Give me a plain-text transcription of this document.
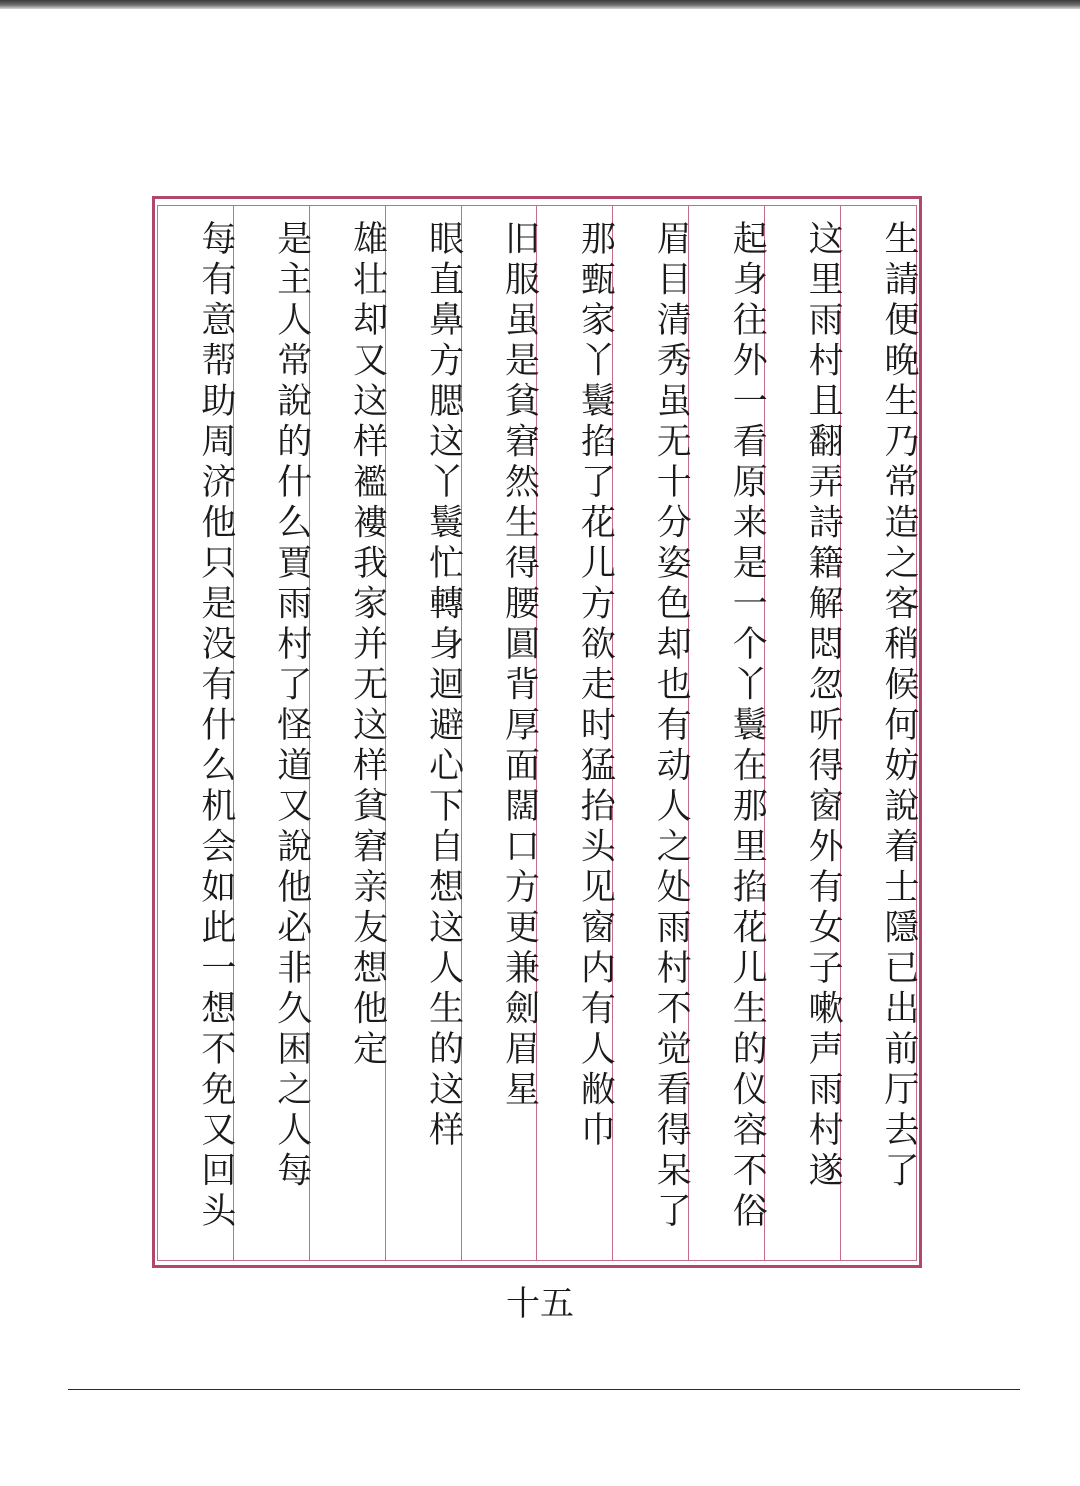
生請便晚生乃常造之客稍候何妨說着士隱已出前厅去了
这里雨村且翻弄詩籍解悶忽听得窗外有女子嗽声雨村遂
起身往外一看原来是一个丫鬟在那里掐花儿生的仪容不俗
眉目清秀虽无十分姿色却也有动人之处雨村不觉看得呆了
那甄家丫鬟掐了花儿方欲走时猛抬头见窗内有人敝巾
旧服虽是貧窘然生得腰圓背厚面闊口方更兼劍眉星
眼直鼻方腮这丫鬟忙轉身迴避心下自想这人生的这样
雄壮却又这样襤褸我家并无这样貧窘亲友想他定
是主人常說的什么賈雨村了怪道又說他必非久困之人每
每有意帮助周济他只是没有什么机会如此一想不免又回头
十五
